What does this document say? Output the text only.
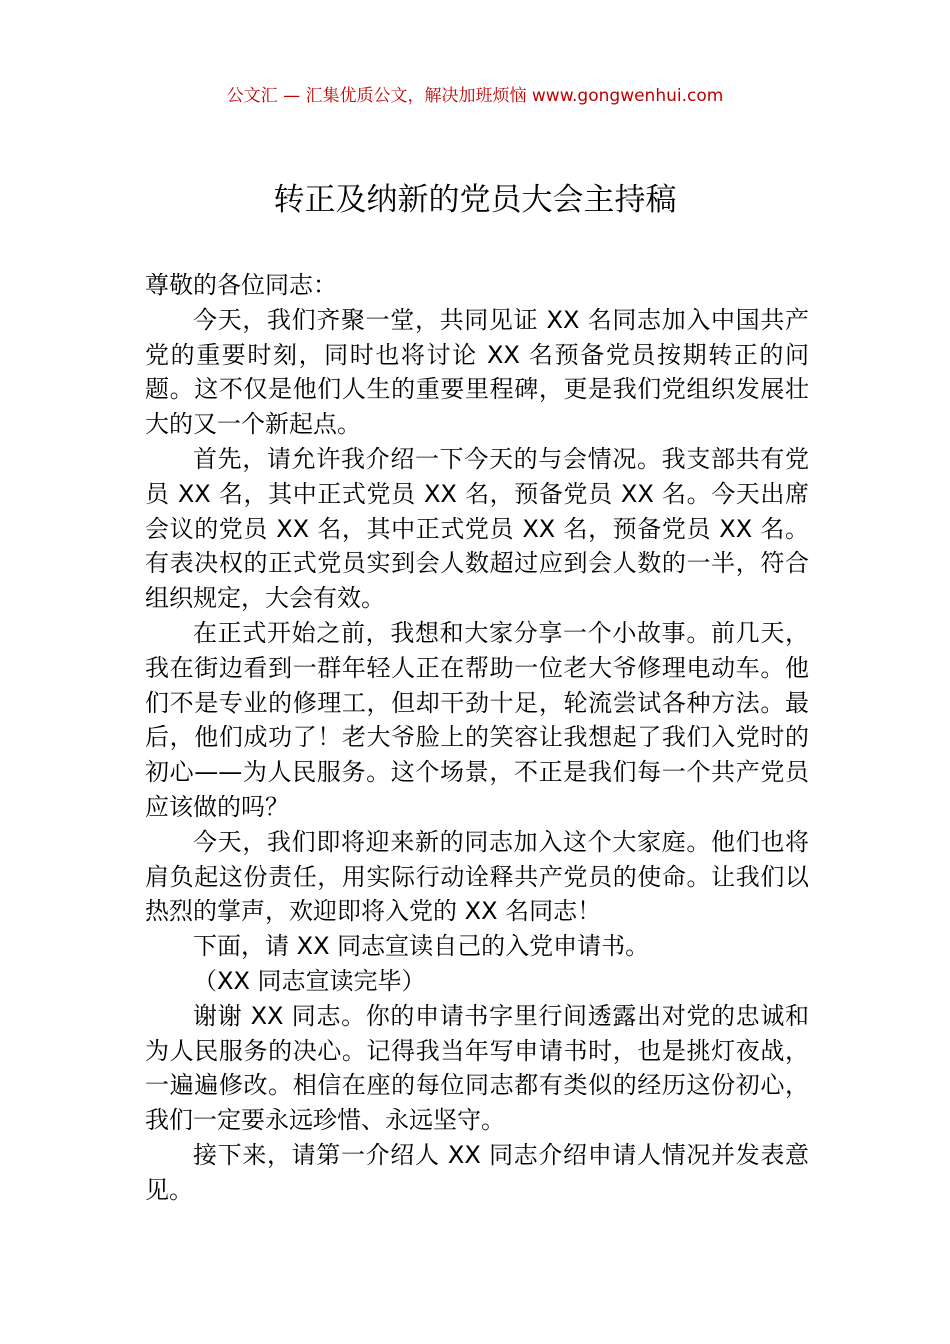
公文汇 — 汇集优质公文，解决加班烦恼 www.gongwenhui.com
转正及纳新的党员大会主持稿

尊敬的各位同志：

今天，我们齐聚一堂，共同见证 XX 名同志加入中国共产党的重要时刻，同时也将讨论 XX 名预备党员按期转正的问题。这不仅是他们人生的重要里程碑，更是我们党组织发展壮大的又一个新起点。

首先，请允许我介绍一下今天的与会情况。我支部共有党员 XX 名，其中正式党员 XX 名，预备党员 XX 名。今天出席会议的党员 XX 名，其中正式党员 XX 名，预备党员 XX 名。有表决权的正式党员实到会人数超过应到会人数的一半，符合组织规定，大会有效。

在正式开始之前，我想和大家分享一个小故事。前几天，我在街边看到一群年轻人正在帮助一位老大爷修理电动车。他们不是专业的修理工，但却干劲十足，轮流尝试各种方法。最后，他们成功了！老大爷脸上的笑容让我想起了我们入党时的初心——为人民服务。这个场景，不正是我们每一个共产党员应该做的吗？

今天，我们即将迎来新的同志加入这个大家庭。他们也将肩负起这份责任，用实际行动诠释共产党员的使命。让我们以热烈的掌声，欢迎即将入党的 XX 名同志！

下面，请 XX 同志宣读自己的入党申请书。

（XX 同志宣读完毕）

谢谢 XX 同志。你的申请书字里行间透露出对党的忠诚和为人民服务的决心。记得我当年写申请书时，也是挑灯夜战，一遍遍修改。相信在座的每位同志都有类似的经历这份初心，我们一定要永远珍惜、永远坚守。

接下来，请第一介绍人 XX 同志介绍申请人情况并发表意见。
